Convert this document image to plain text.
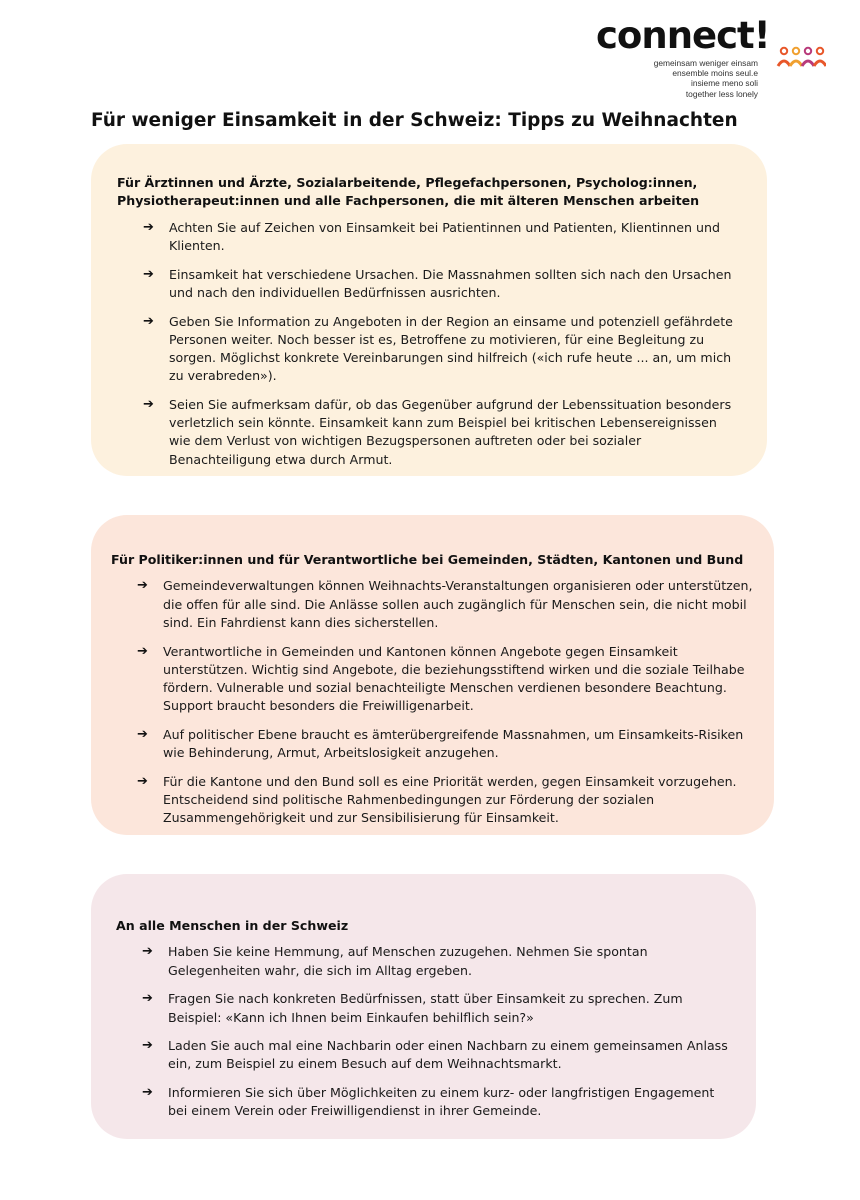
connect!
gemeinsam weniger einsam
ensemble moins seul.e
insieme meno soli
together less lonely
Für weniger Einsamkeit in der Schweiz: Tipps zu Weihnachten
Für Ärztinnen und Ärzte, Sozialarbeitende, Pflegefachpersonen, Psycholog:innen, Physiotherapeut:innen und alle Fachpersonen, die mit älteren Menschen arbeiten
➔ Achten Sie auf Zeichen von Einsamkeit bei Patientinnen und Patienten, Klientinnen und Klienten.
➔ Einsamkeit hat verschiedene Ursachen. Die Massnahmen sollten sich nach den Ursachen und nach den individuellen Bedürfnissen ausrichten.
➔ Geben Sie Information zu Angeboten in der Region an einsame und potenziell gefährdete Personen weiter. Noch besser ist es, Betroffene zu motivieren, für eine Begleitung zu sorgen. Möglichst konkrete Vereinbarungen sind hilfreich («ich rufe heute ... an, um mich zu verabreden»).
➔ Seien Sie aufmerksam dafür, ob das Gegenüber aufgrund der Lebenssituation besonders verletzlich sein könnte. Einsamkeit kann zum Beispiel bei kritischen Lebensereignissen wie dem Verlust von wichtigen Bezugspersonen auftreten oder bei sozialer Benachteiligung etwa durch Armut.
Für Politiker:innen und für Verantwortliche bei Gemeinden, Städten, Kantonen und Bund
➔ Gemeindeverwaltungen können Weihnachts-Veranstaltungen organisieren oder unterstützen, die offen für alle sind. Die Anlässe sollen auch zugänglich für Menschen sein, die nicht mobil sind. Ein Fahrdienst kann dies sicherstellen.
➔ Verantwortliche in Gemeinden und Kantonen können Angebote gegen Einsamkeit unterstützen. Wichtig sind Angebote, die beziehungsstiftend wirken und die soziale Teilhabe fördern. Vulnerable und sozial benachteiligte Menschen verdienen besondere Beachtung. Support braucht besonders die Freiwilligenarbeit.
➔ Auf politischer Ebene braucht es ämterübergreifende Massnahmen, um Einsamkeits-Risiken wie Behinderung, Armut, Arbeitslosigkeit anzugehen.
➔ Für die Kantone und den Bund soll es eine Priorität werden, gegen Einsamkeit vorzugehen. Entscheidend sind politische Rahmenbedingungen zur Förderung der sozialen Zusammengehörigkeit und zur Sensibilisierung für Einsamkeit.
An alle Menschen in der Schweiz
➔ Haben Sie keine Hemmung, auf Menschen zuzugehen. Nehmen Sie spontan Gelegenheiten wahr, die sich im Alltag ergeben.
➔ Fragen Sie nach konkreten Bedürfnissen, statt über Einsamkeit zu sprechen. Zum Beispiel: «Kann ich Ihnen beim Einkaufen behilflich sein?»
➔ Laden Sie auch mal eine Nachbarin oder einen Nachbarn zu einem gemeinsamen Anlass ein, zum Beispiel zu einem Besuch auf dem Weihnachtsmarkt.
➔ Informieren Sie sich über Möglichkeiten zu einem kurz- oder langfristigen Engagement bei einem Verein oder Freiwilligendienst in ihrer Gemeinde.
